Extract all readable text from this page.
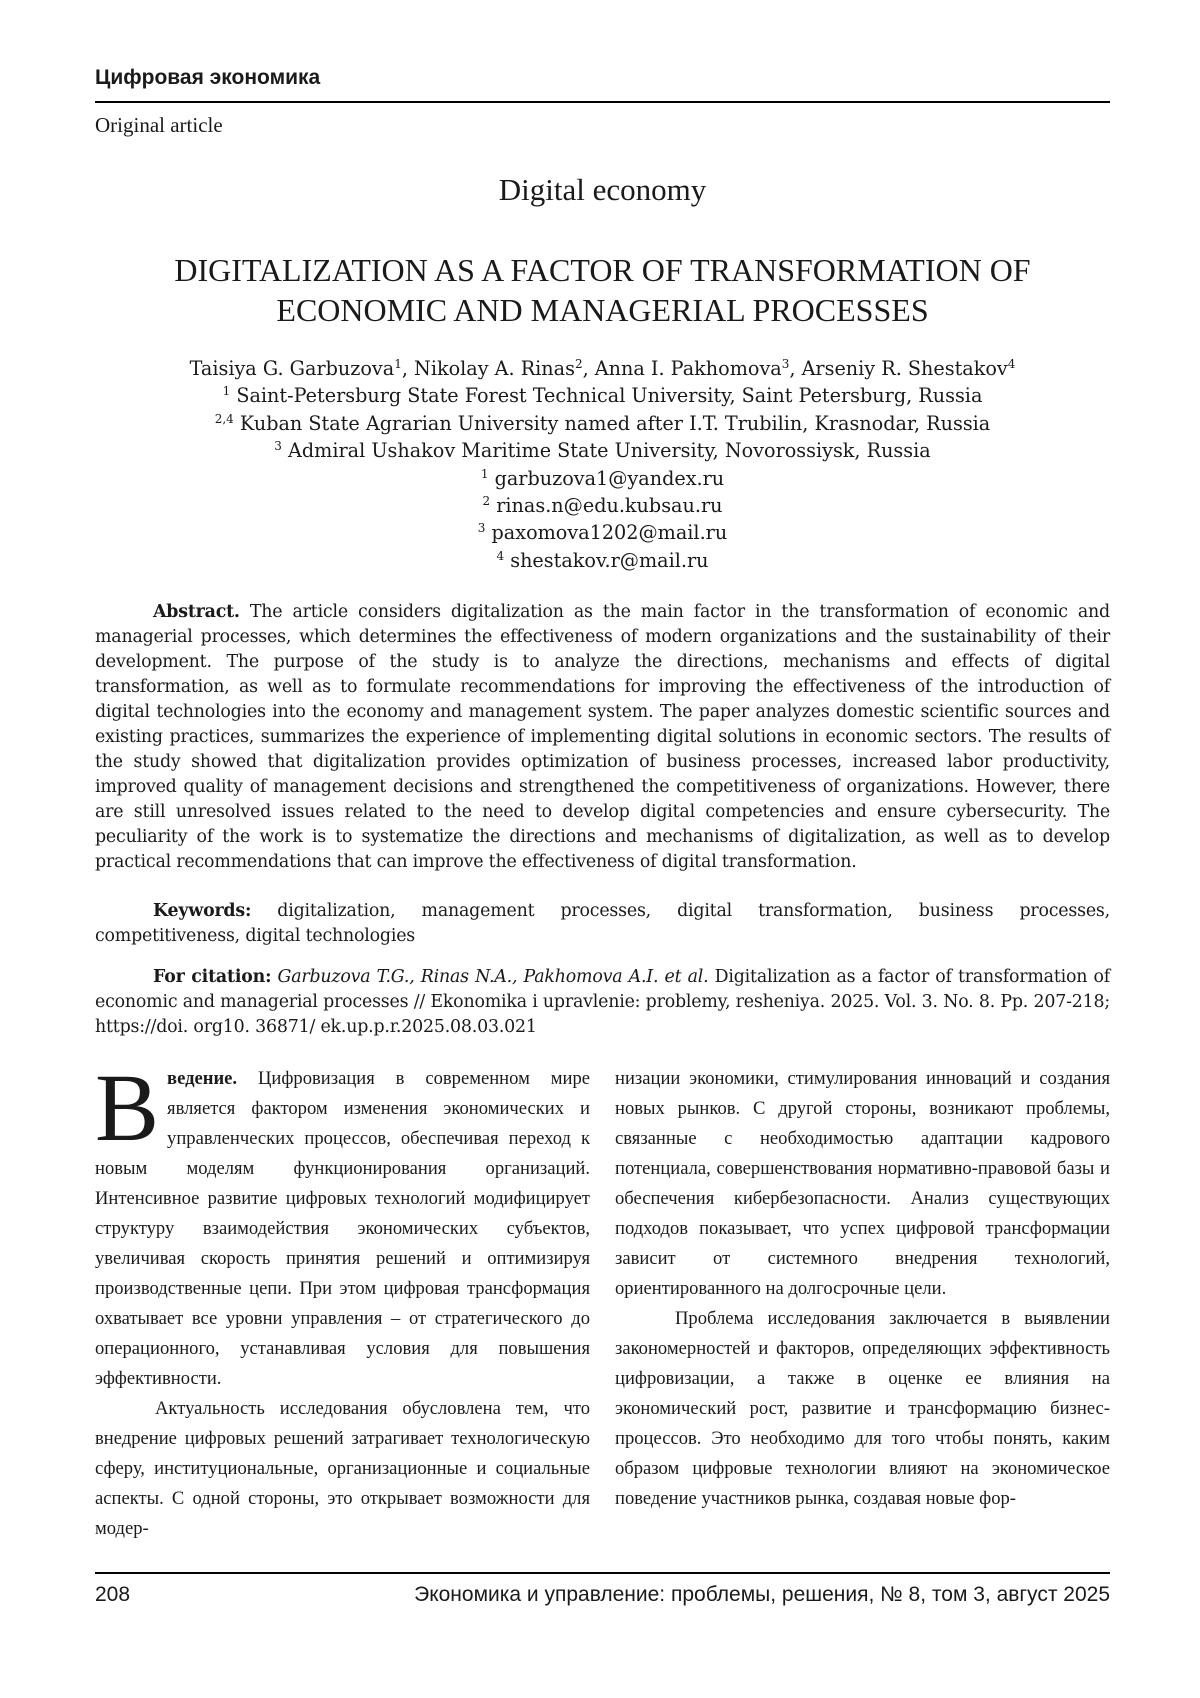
Цифровая экономика
Original article
Digital economy
DIGITALIZATION AS A FACTOR OF TRANSFORMATION OF
ECONOMIC AND MANAGERIAL PROCESSES
Taisiya G. Garbuzova$^1$, Nikolay A. Rinas$^2$, Anna I. Pakhomova$^3$, Arseniy R. Shestakov$^4$
$^1$ Saint-Petersburg State Forest Technical University, Saint Petersburg, Russia
$^{2,4}$ Kuban State Agrarian University named after I.T. Trubilin, Krasnodar, Russia
$^3$ Admiral Ushakov Maritime State University, Novorossiysk, Russia
$^1$ garbuzova1@yandex.ru
$^2$ rinas.n@edu.kubsau.ru
$^3$ paxomova1202@mail.ru
$^4$ shestakov.r@mail.ru
Abstract. The article considers digitalization as the main factor in the transformation of economic and managerial processes, which determines the effectiveness of modern organizations and the sustainability of their development. The purpose of the study is to analyze the directions, mechanisms and effects of digital transformation, as well as to formulate recommendations for improving the effectiveness of the introduction of digital technologies into the economy and management system. The paper analyzes domestic scientific sources and existing practices, summarizes the experience of implementing digital solutions in economic sectors. The results of the study showed that digitalization provides optimization of business processes, increased labor productivity, improved quality of management decisions and strengthened the competitiveness of organizations. However, there are still unresolved issues related to the need to develop digital competencies and ensure cybersecurity. The peculiarity of the work is to systematize the directions and mechanisms of digitalization, as well as to develop practical recommendations that can improve the effectiveness of digital transformation.
Keywords: digitalization, management processes, digital transformation, business processes, competitiveness, digital technologies
For citation: Garbuzova T.G., Rinas N.A., Pakhomova A.I. et al. Digitalization as a factor of transformation of economic and managerial processes // Ekonomika i upravlenie: problemy, resheniya. 2025. Vol. 3. No. 8. Pp. 207-218; https://doi. org10. 36871/ ek.up.p.r.2025.08.03.021

Введение. Цифровизация в современном мире является фактором изменения экономических и управленческих процессов, обеспечивая переход к новым моделям функционирования организаций. Интенсивное развитие цифровых технологий модифицирует структуру взаимодействия экономических субъектов, увеличивая скорость принятия решений и оптимизируя производственные цепи. При этом цифровая трансформация охватывает все уровни управления – от стратегического до операционного, устанавливая условия для повышения эффективности.

Актуальность исследования обусловлена тем, что внедрение цифровых решений затрагивает технологическую сферу, институциональные, организационные и социальные аспекты. С одной стороны, это открывает возможности для модер-

низации экономики, стимулирования инноваций и создания новых рынков. С другой стороны, возникают проблемы, связанные с необходимостью адаптации кадрового потенциала, совершенствования нормативно-правовой базы и обеспечения кибербезопасности. Анализ существующих подходов показывает, что успех цифровой трансформации зависит от системного внедрения технологий, ориентированного на долгосрочные цели.

Проблема исследования заключается в выявлении закономерностей и факторов, определяющих эффективность цифровизации, а также в оценке ее влияния на экономический рост, развитие и трансформацию бизнес-процессов. Это необходимо для того чтобы понять, каким образом цифровые технологии влияют на экономическое поведение участников рынка, создавая новые фор-

208	Экономика и управление: проблемы, решения, № 8, том 3, август 2025
